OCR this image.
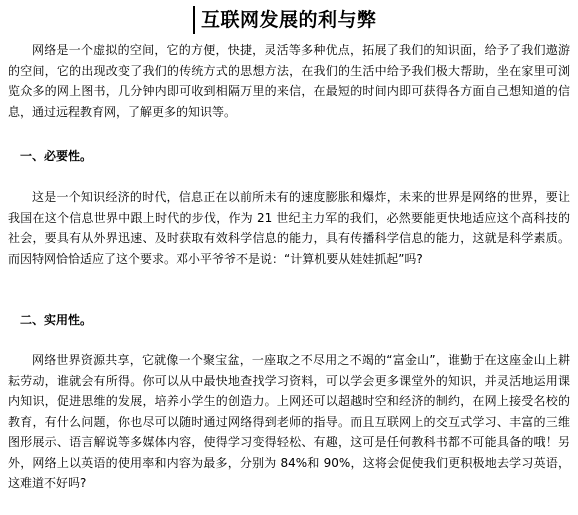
互联网发展的利与弊

网络是一个虚拟的空间，它的方便，快捷，灵活等多种优点，拓展了我们的知识面，给予了我们遨游的空间，它的出现改变了我们的传统方式的思想方法，在我们的生活中给予我们极大帮助，坐在家里可浏览众多的网上图书，几分钟内即可收到相隔万里的来信，在最短的时间内即可获得各方面自己想知道的信息，通过远程教育网，了解更多的知识等。

一、必要性。

这是一个知识经济的时代，信息正在以前所未有的速度膨胀和爆炸，未来的世界是网络的世界，要让我国在这个信息世界中跟上时代的步伐，作为 21 世纪主力军的我们，必然要能更快地适应这个高科技的社会，要具有从外界迅速、及时获取有效科学信息的能力，具有传播科学信息的能力，这就是科学素质。而因特网恰恰适应了这个要求。邓小平爷爷不是说：“计算机要从娃娃抓起”吗?

二、实用性。

网络世界资源共享，它就像一个聚宝盆，一座取之不尽用之不竭的“富金山”，谁勤于在这座金山上耕耘劳动，谁就会有所得。你可以从中最快地查找学习资料，可以学会更多课堂外的知识，并灵活地运用课内知识，促进思维的发展，培养小学生的创造力。上网还可以超越时空和经济的制约，在网上接受名校的教育，有什么问题，你也尽可以随时通过网络得到老师的指导。而且互联网上的交互式学习、丰富的三维图形展示、语言解说等多媒体内容，使得学习变得轻松、有趣，这可是任何教科书都不可能具备的哦！另外，网络上以英语的使用率和内容为最多，分别为 84%和 90%，这将会促使我们更积极地去学习英语，这难道不好吗?
